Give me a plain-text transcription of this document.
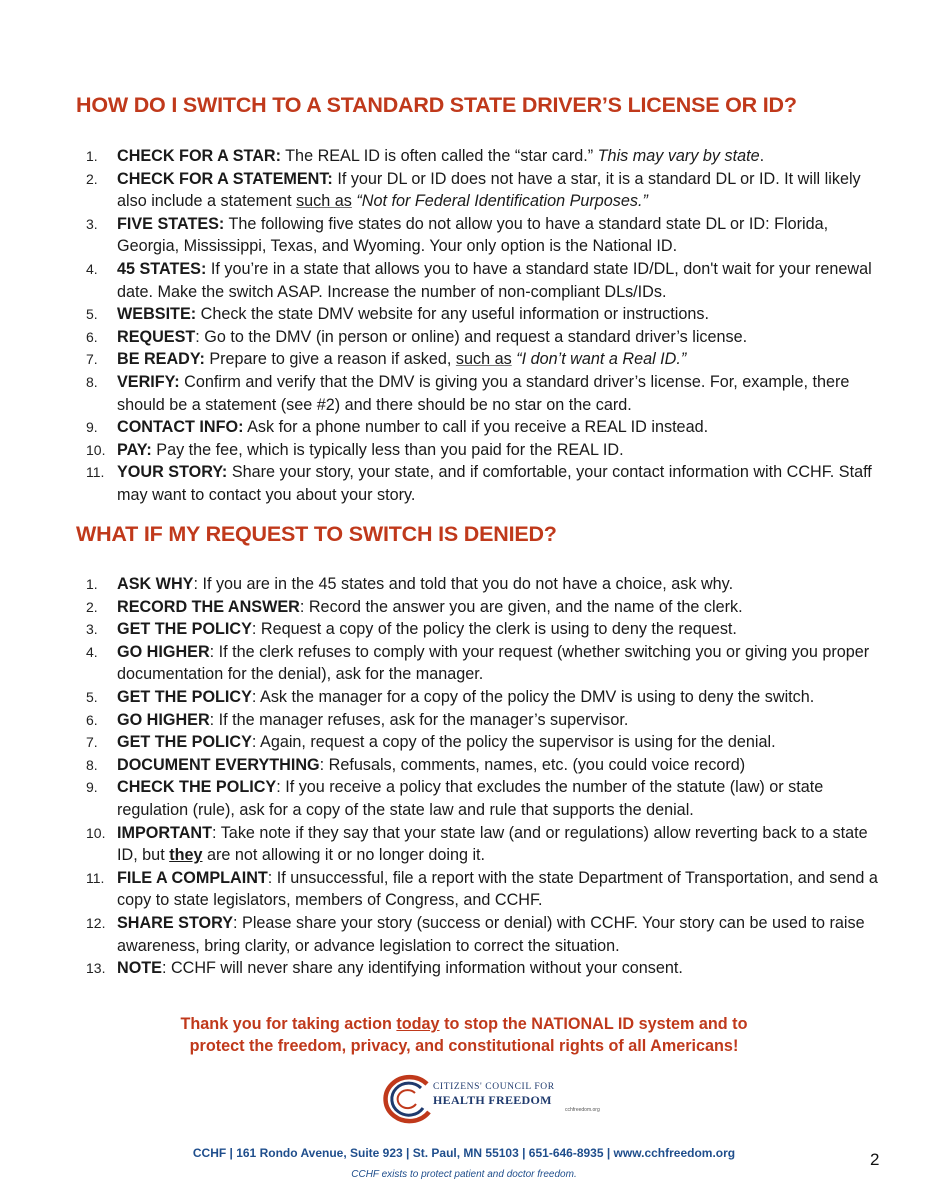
HOW DO I SWITCH TO A STANDARD STATE DRIVER’S LICENSE OR ID?
1.	CHECK FOR A STAR: The REAL ID is often called the “star card.” This may vary by state.
2.	CHECK FOR A STATEMENT: If your DL or ID does not have a star, it is a standard DL or ID. It will likely also include a statement such as “Not for Federal Identification Purposes.”
3.	FIVE STATES: The following five states do not allow you to have a standard state DL or ID: Florida, Georgia, Mississippi, Texas, and Wyoming. Your only option is the National ID.
4.	45 STATES: If you’re in a state that allows you to have a standard state ID/DL, don't wait for your renewal date. Make the switch ASAP. Increase the number of non-compliant DLs/IDs.
5.	WEBSITE: Check the state DMV website for any useful information or instructions.
6.	REQUEST: Go to the DMV (in person or online) and request a standard driver’s license.
7.	BE READY: Prepare to give a reason if asked, such as “I don’t want a Real ID.”
8.	VERIFY: Confirm and verify that the DMV is giving you a standard driver’s license. For, example, there should be a statement (see #2) and there should be no star on the card.
9.	CONTACT INFO: Ask for a phone number to call if you receive a REAL ID instead.
10. PAY: Pay the fee, which is typically less than you paid for the REAL ID.
11. YOUR STORY: Share your story, your state, and if comfortable, your contact information with CCHF. Staff may want to contact you about your story.
WHAT IF MY REQUEST TO SWITCH IS DENIED?
1.	ASK WHY: If you are in the 45 states and told that you do not have a choice, ask why.
2.	RECORD THE ANSWER: Record the answer you are given, and the name of the clerk.
3.	GET THE POLICY: Request a copy of the policy the clerk is using to deny the request.
4.	GO HIGHER: If the clerk refuses to comply with your request (whether switching you or giving you proper documentation for the denial), ask for the manager.
5.	GET THE POLICY: Ask the manager for a copy of the policy the DMV is using to deny the switch.
6.	GO HIGHER: If the manager refuses, ask for the manager’s supervisor.
7.	GET THE POLICY: Again, request a copy of the policy the supervisor is using for the denial.
8.	DOCUMENT EVERYTHING: Refusals, comments, names, etc. (you could voice record)
9.	CHECK THE POLICY: If you receive a policy that excludes the number of the statute (law) or state regulation (rule), ask for a copy of the state law and rule that supports the denial.
10. IMPORTANT: Take note if they say that your state law (and or regulations) allow reverting back to a state ID, but they are not allowing it or no longer doing it.
11. FILE A COMPLAINT: If unsuccessful, file a report with the state Department of Transportation, and send a copy to state legislators, members of Congress, and CCHF.
12. SHARE STORY: Please share your story (success or denial) with CCHF. Your story can be used to raise awareness, bring clarity, or advance legislation to correct the situation.
13. NOTE: CCHF will never share any identifying information without your consent.
Thank you for taking action today to stop the NATIONAL ID system and to
protect the freedom, privacy, and constitutional rights of all Americans!
CITIZENS' COUNCIL FOR
HEALTH FREEDOM
cchfreedom.org
CCHF | 161 Rondo Avenue, Suite 923 | St. Paul, MN 55103 | 651-646-8935 | www.cchfreedom.org
CCHF exists to protect patient and doctor freedom.
2
